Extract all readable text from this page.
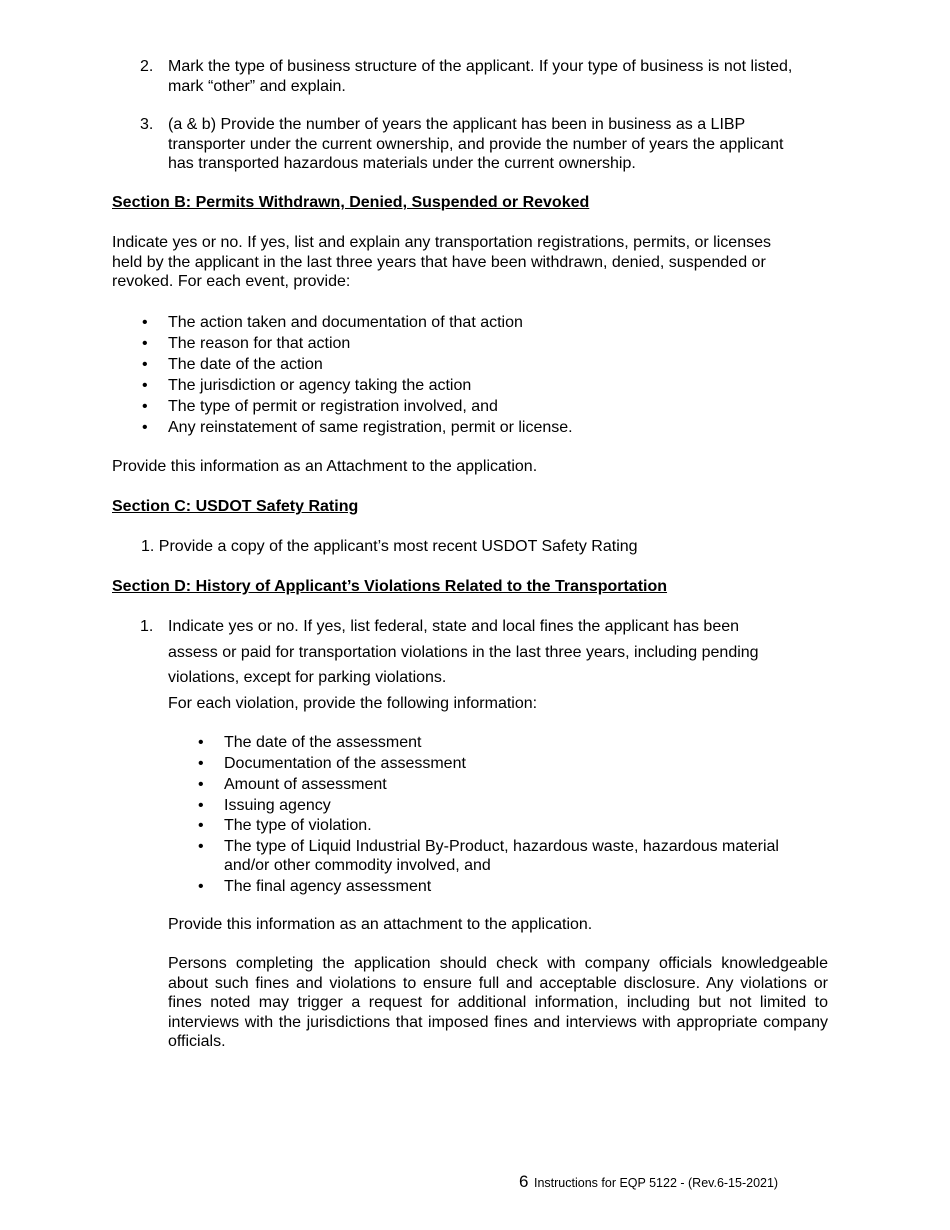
2. Mark the type of business structure of the applicant. If your type of business is not listed,
mark “other” and explain.
3. (a & b) Provide the number of years the applicant has been in business as a LIBP
transporter under the current ownership, and provide the number of years the applicant
has transported hazardous materials under the current ownership.
Section B: Permits Withdrawn, Denied, Suspended or Revoked
Indicate yes or no. If yes, list and explain any transportation registrations, permits, or licenses
held by the applicant in the last three years that have been withdrawn, denied, suspended or
revoked. For each event, provide:
• The action taken and documentation of that action
• The reason for that action
• The date of the action
• The jurisdiction or agency taking the action
• The type of permit or registration involved, and
• Any reinstatement of same registration, permit or license.
Provide this information as an Attachment to the application.
Section C: USDOT Safety Rating
1. Provide a copy of the applicant’s most recent USDOT Safety Rating
Section D: History of Applicant’s Violations Related to the Transportation
1. Indicate yes or no. If yes, list federal, state and local fines the applicant has been
assess or paid for transportation violations in the last three years, including pending
violations, except for parking violations.
For each violation, provide the following information:
• The date of the assessment
• Documentation of the assessment
• Amount of assessment
• Issuing agency
• The type of violation.
• The type of Liquid Industrial By-Product, hazardous waste, hazardous material
and/or other commodity involved, and
• The final agency assessment
Provide this information as an attachment to the application.
Persons completing the application should check with company officials knowledgeable about such fines and violations to ensure full and acceptable disclosure. Any violations or fines noted may trigger a request for additional information, including but not limited to interviews with the jurisdictions that imposed fines and interviews with appropriate company officials.
6 Instructions for EQP 5122 - (Rev.6-15-2021)
